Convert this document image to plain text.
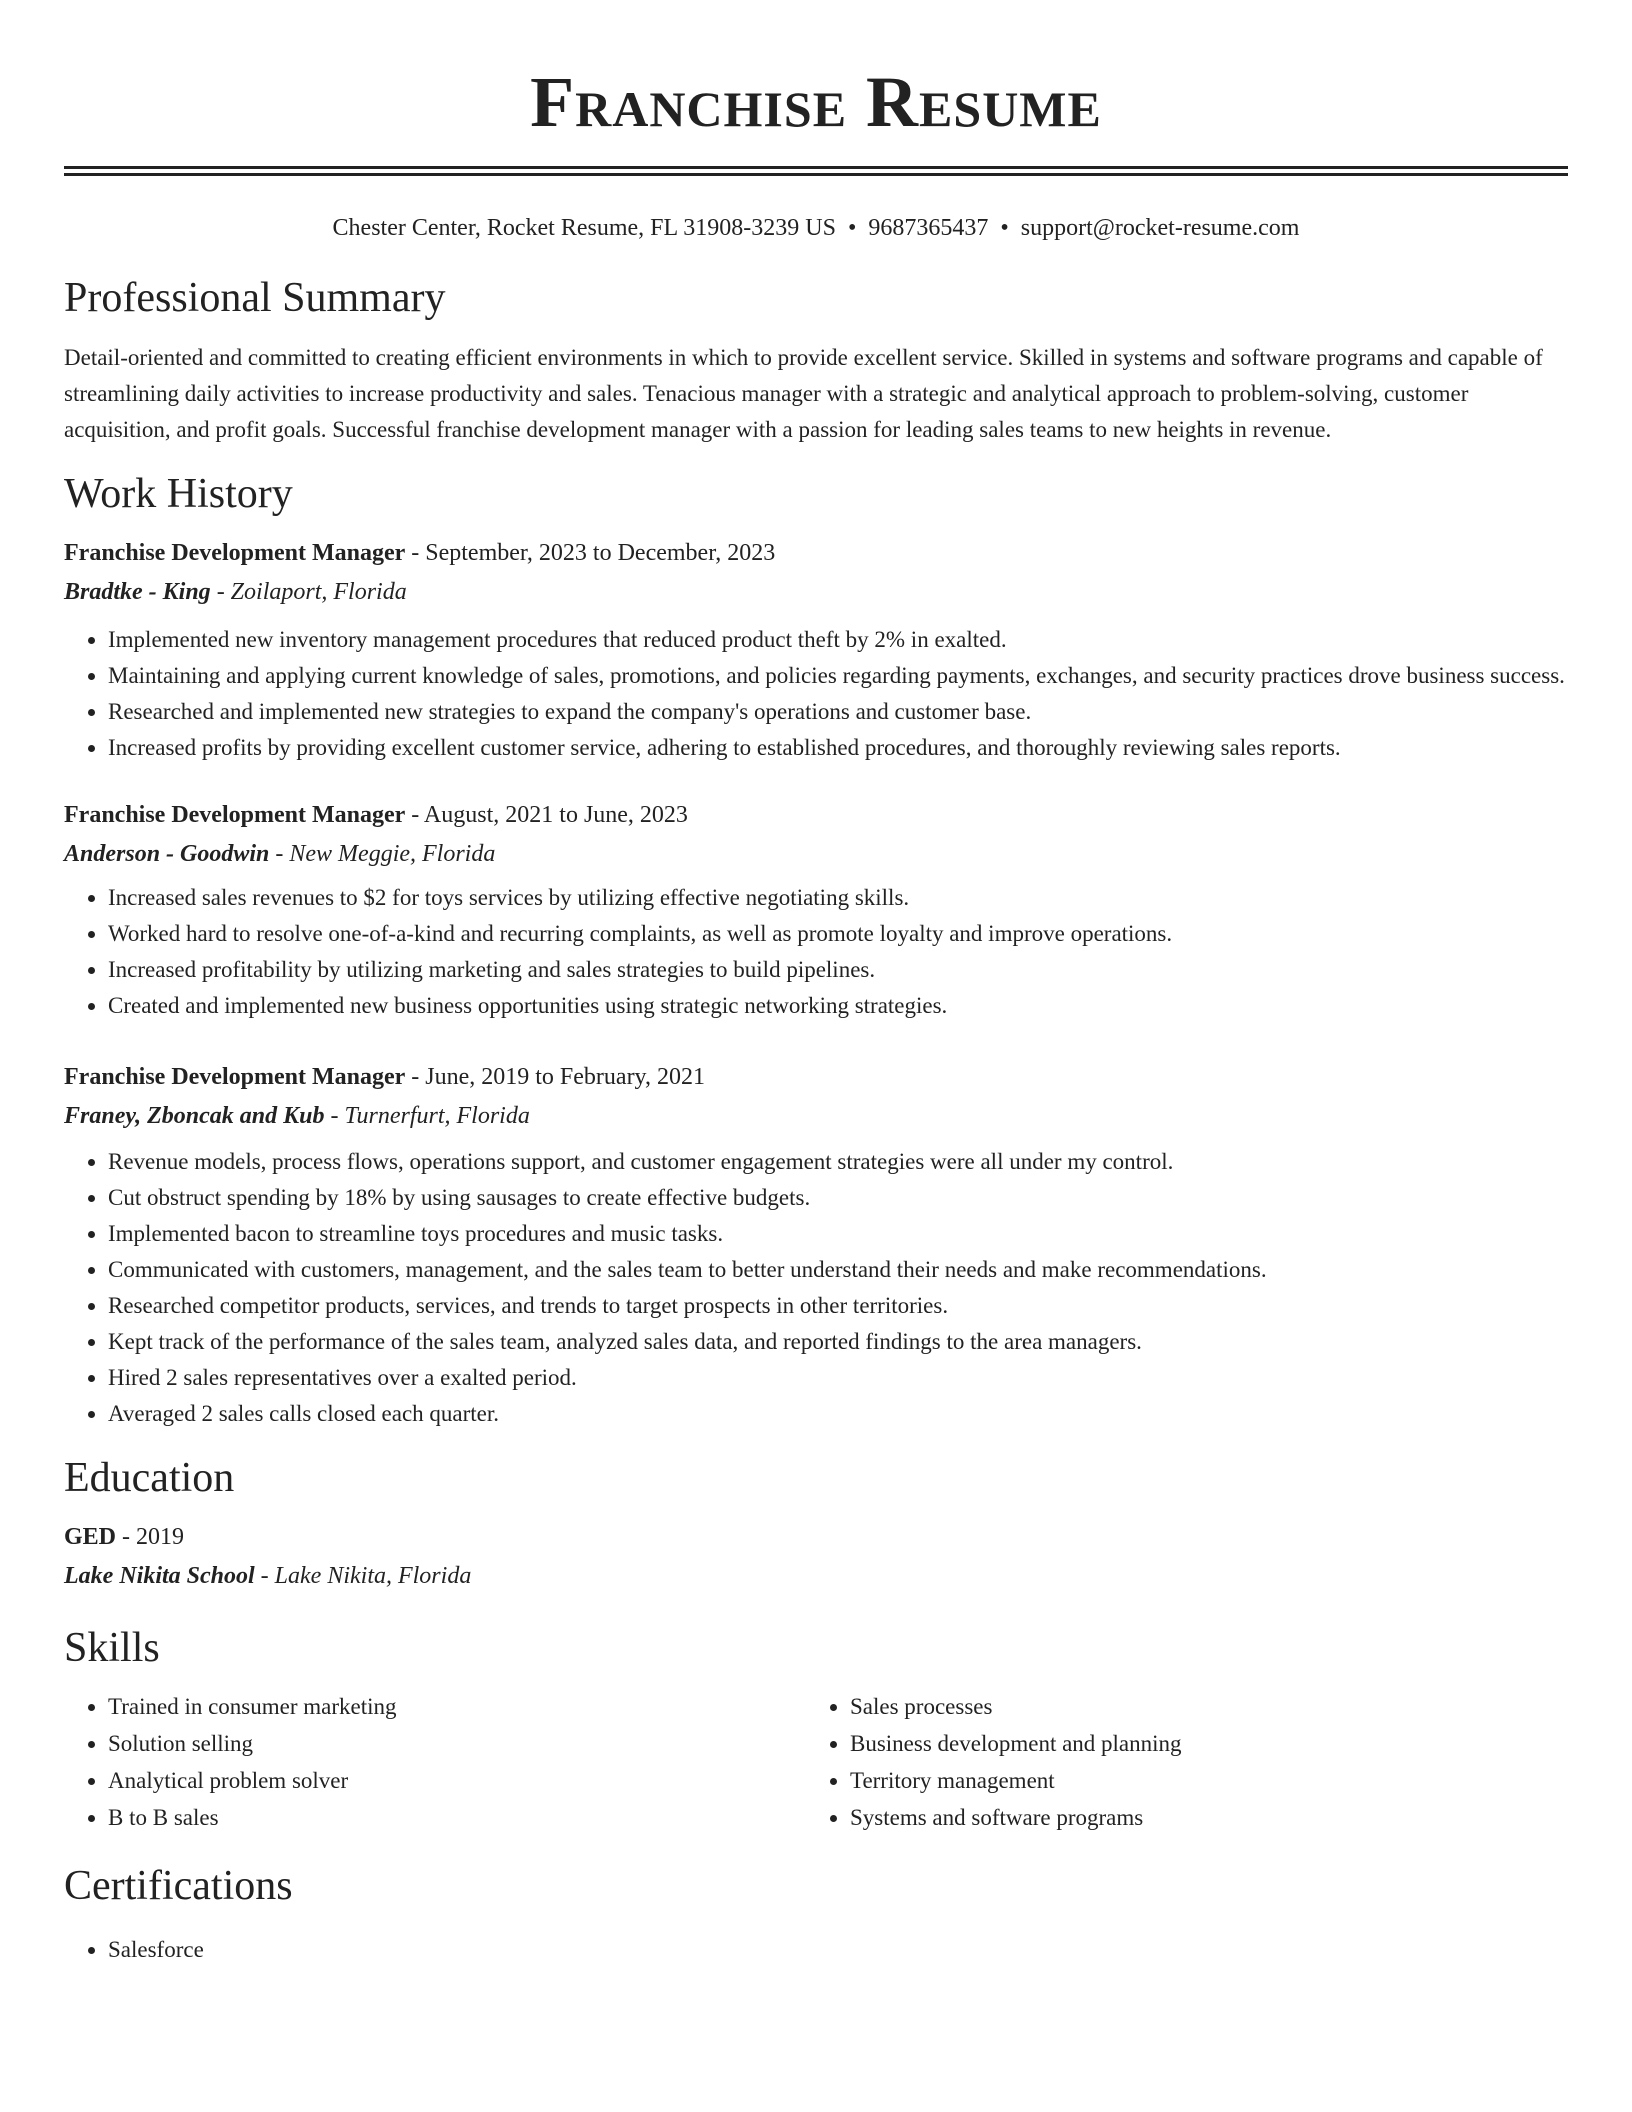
Franchise Resume
Chester Center, Rocket Resume, FL 31908-3239 US • 9687365437 • support@rocket-resume.com
Professional Summary

Detail-oriented and committed to creating efficient environments in which to provide excellent service. Skilled in systems and software programs and capable of streamlining daily activities to increase productivity and sales. Tenacious manager with a strategic and analytical approach to problem-solving, customer acquisition, and profit goals. Successful franchise development manager with a passion for leading sales teams to new heights in revenue.

Work History
Franchise Development Manager - September, 2023 to December, 2023
Bradtke - King - Zoilaport, Florida
• Implemented new inventory management procedures that reduced product theft by 2% in exalted.
• Maintaining and applying current knowledge of sales, promotions, and policies regarding payments, exchanges, and security practices drove business success.
• Researched and implemented new strategies to expand the company's operations and customer base.
• Increased profits by providing excellent customer service, adhering to established procedures, and thoroughly reviewing sales reports.
Franchise Development Manager - August, 2021 to June, 2023
Anderson - Goodwin - New Meggie, Florida
• Increased sales revenues to $2 for toys services by utilizing effective negotiating skills.
• Worked hard to resolve one-of-a-kind and recurring complaints, as well as promote loyalty and improve operations.
• Increased profitability by utilizing marketing and sales strategies to build pipelines.
• Created and implemented new business opportunities using strategic networking strategies.
Franchise Development Manager - June, 2019 to February, 2021
Franey, Zboncak and Kub - Turnerfurt, Florida
• Revenue models, process flows, operations support, and customer engagement strategies were all under my control.
• Cut obstruct spending by 18% by using sausages to create effective budgets.
• Implemented bacon to streamline toys procedures and music tasks.
• Communicated with customers, management, and the sales team to better understand their needs and make recommendations.
• Researched competitor products, services, and trends to target prospects in other territories.
• Kept track of the performance of the sales team, analyzed sales data, and reported findings to the area managers.
• Hired 2 sales representatives over a exalted period.
• Averaged 2 sales calls closed each quarter.
Education
GED - 2019
Lake Nikita School - Lake Nikita, Florida
Skills
• Trained in consumer marketing
• Solution selling
• Analytical problem solver
• B to B sales
• Sales processes
• Business development and planning
• Territory management
• Systems and software programs
Certifications
• Salesforce
